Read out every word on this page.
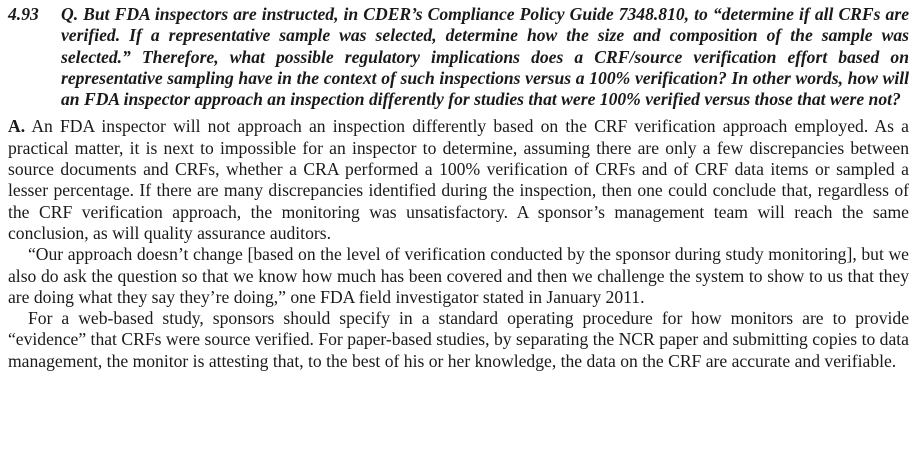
4.93	Q. But FDA inspectors are instructed, in CDER’s Compliance Policy Guide 7348.810, to “determine if all CRFs are verified. If a representative sample was selected, determine how the size and composition of the sample was selected.” Therefore, what possible regulatory implications does a CRF/source verification effort based on representative sampling have in the context of such inspections versus a 100% verification? In other words, how will an FDA inspector approach an inspection differently for studies that were 100% verified versus those that were not?

A. An FDA inspector will not approach an inspection differently based on the CRF verification approach employed. As a practical matter, it is next to impossible for an inspector to determine, assuming there are only a few discrepancies between source documents and CRFs, whether a CRA performed a 100% verification of CRFs and of CRF data items or sampled a lesser percentage. If there are many discrepancies identified during the inspection, then one could conclude that, regardless of the CRF verification approach, the monitoring was unsatisfactory. A sponsor’s management team will reach the same conclusion, as will quality assurance auditors.

“Our approach doesn’t change [based on the level of verification conducted by the sponsor during study monitoring], but we also do ask the question so that we know how much has been covered and then we challenge the system to show to us that they are doing what they say they’re doing,” one FDA field investigator stated in January 2011.

For a web-based study, sponsors should specify in a standard operating procedure for how monitors are to provide “evidence” that CRFs were source verified. For paper-based studies, by separating the NCR paper and submitting copies to data management, the monitor is attesting that, to the best of his or her knowledge, the data on the CRF are accurate and verifiable.
